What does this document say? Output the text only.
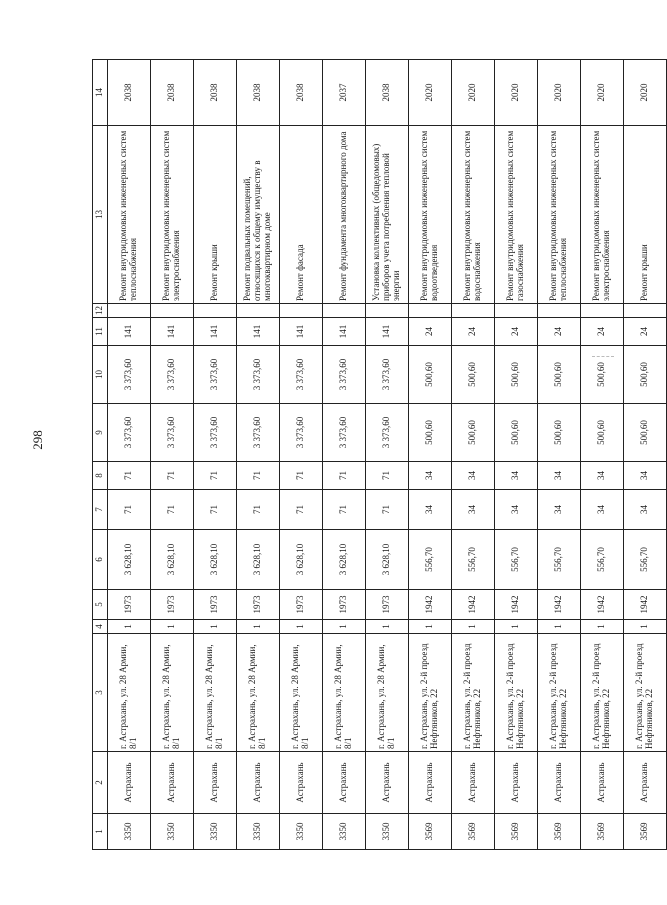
298
1	2	3	4	5	6	7	8	9	10	11	12	13	14
3350	Астрахань	г. Астрахань, ул. 28 Армии, 8/1	1	1973	3 628,10	71	71	3 373,60	3 373,60	141		Ремонт внутридомовых инженерных систем теплоснабжения	2038
3350	Астрахань	г. Астрахань, ул. 28 Армии, 8/1	1	1973	3 628,10	71	71	3 373,60	3 373,60	141		Ремонт внутридомовых инженерных систем электроснабжения	2038
3350	Астрахань	г. Астрахань, ул. 28 Армии, 8/1	1	1973	3 628,10	71	71	3 373,60	3 373,60	141		Ремонт крыши	2038
3350	Астрахань	г. Астрахань, ул. 28 Армии, 8/1	1	1973	3 628,10	71	71	3 373,60	3 373,60	141		Ремонт подвальных помещений, относящихся к общему имуществу в многоквартирном доме	2038
3350	Астрахань	г. Астрахань, ул. 28 Армии, 8/1	1	1973	3 628,10	71	71	3 373,60	3 373,60	141		Ремонт фасада	2038
3350	Астрахань	г. Астрахань, ул. 28 Армии, 8/1	1	1973	3 628,10	71	71	3 373,60	3 373,60	141		Ремонт фундамента многоквартирного дома	2037
3350	Астрахань	г. Астрахань, ул. 28 Армии, 8/1	1	1973	3 628,10	71	71	3 373,60	3 373,60	141		Установка коллективных (общедомовых) приборов учета потребления тепловой энергии	2038
3569	Астрахань	г. Астрахань, ул. 2-й проезд Нефтяников, 22	1	1942	556,70	34	34	500,60	500,60	24		Ремонт внутридомовых инженерных систем водоотведения	2020
3569	Астрахань	г. Астрахань, ул. 2-й проезд Нефтяников, 22	1	1942	556,70	34	34	500,60	500,60	24		Ремонт внутридомовых инженерных систем водоснабжения	2020
3569	Астрахань	г. Астрахань, ул. 2-й проезд Нефтяников, 22	1	1942	556,70	34	34	500,60	500,60	24		Ремонт внутридомовых инженерных систем газоснабжения	2020
3569	Астрахань	г. Астрахань, ул. 2-й проезд Нефтяников, 22	1	1942	556,70	34	34	500,60	500,60	24		Ремонт внутридомовых инженерных систем теплоснабжения	2020
3569	Астрахань	г. Астрахань, ул. 2-й проезд Нефтяников, 22	1	1942	556,70	34	34	500,60	500,60	24		Ремонт внутридомовых инженерных систем электроснабжения	2020
3569	Астрахань	г. Астрахань, ул. 2-й проезд Нефтяников, 22	1	1942	556,70	34	34	500,60	500,60	24		Ремонт крыши	2020
